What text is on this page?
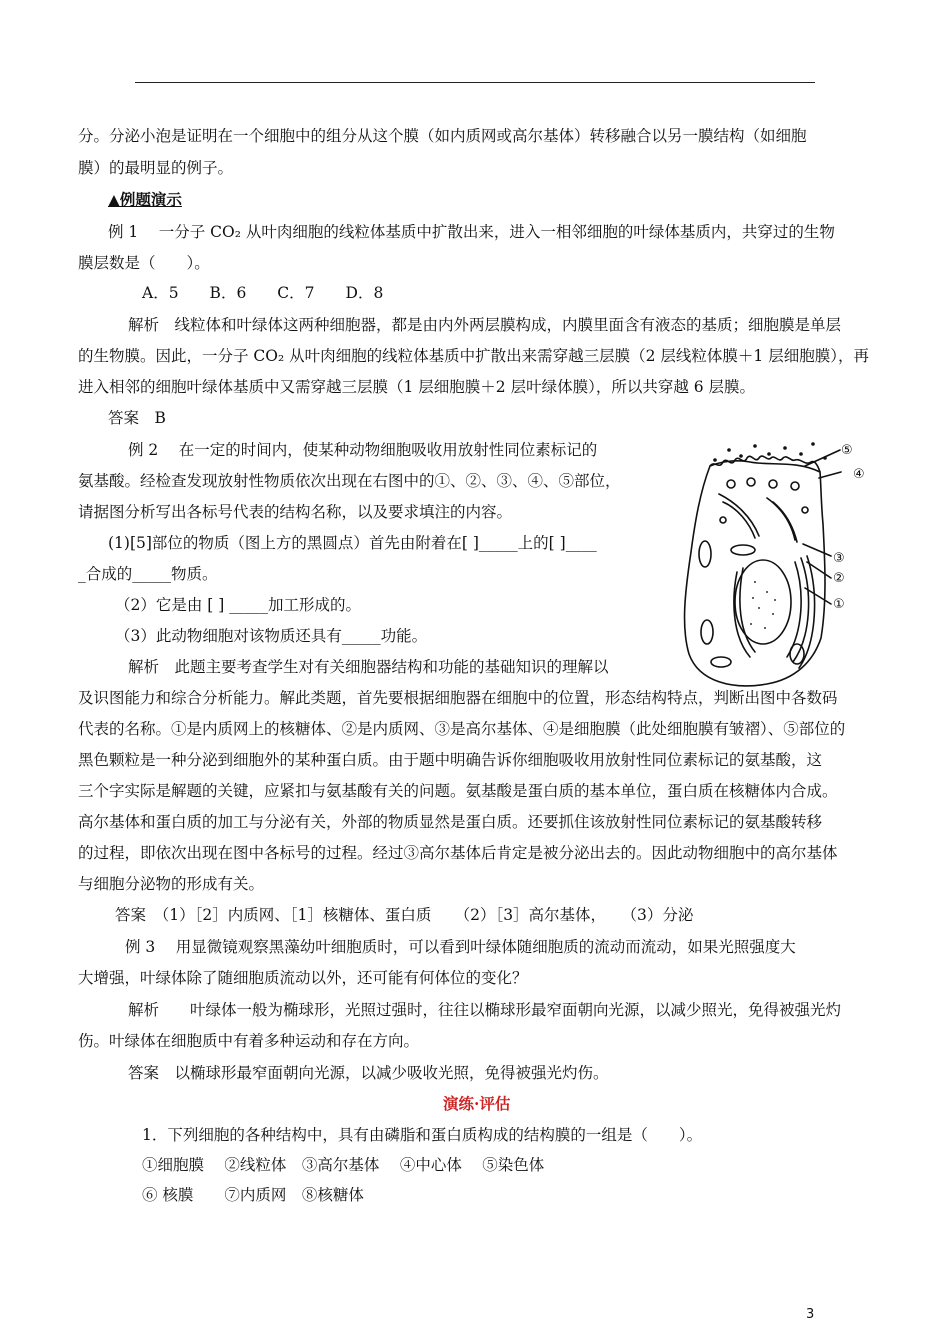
分。分泌小泡是证明在一个细胞中的组分从这个膜（如内质网或高尔基体）转移融合以另一膜结构（如细胞
膜）的最明显的例子。
▲例题演示
例 1　 一分子 CO₂ 从叶肉细胞的线粒体基质中扩散出来，进入一相邻细胞的叶绿体基质内，共穿过的生物
膜层数是（　　）。
A．5　　B．6　　C．7　　D．8
解析　线粒体和叶绿体这两种细胞器，都是由内外两层膜构成，内膜里面含有液态的基质；细胞膜是单层
的生物膜。因此，一分子 CO₂ 从叶肉细胞的线粒体基质中扩散出来需穿越三层膜（2 层线粒体膜＋1 层细胞膜），再
进入相邻的细胞叶绿体基质中又需穿越三层膜（1 层细胞膜＋2 层叶绿体膜），所以共穿越 6 层膜。
答案　B
例 2　 在一定的时间内，使某种动物细胞吸收用放射性同位素标记的
氨基酸。经检查发现放射性物质依次出现在右图中的①、②、③、④、⑤部位，
请据图分析写出各标号代表的结构名称，以及要求填注的内容。
(1)[5]部位的物质（图上方的黑圆点）首先由附着在[ ]_____上的[ ]____
_合成的_____物质。
（2）它是由 [ ] _____加工形成的。
（3）此动物细胞对该物质还具有_____功能。
解析　此题主要考查学生对有关细胞器结构和功能的基础知识的理解以
及识图能力和综合分析能力。解此类题，首先要根据细胞器在细胞中的位置，形态结构特点，判断出图中各数码
代表的名称。①是内质网上的核糖体、②是内质网、③是高尔基体、④是细胞膜（此处细胞膜有皱褶）、⑤部位的
黑色颗粒是一种分泌到细胞外的某种蛋白质。由于题中明确告诉你细胞吸收用放射性同位素标记的氨基酸，这
三个字实际是解题的关键，应紧扣与氨基酸有关的问题。氨基酸是蛋白质的基本单位，蛋白质在核糖体内合成。
高尔基体和蛋白质的加工与分泌有关，外部的物质显然是蛋白质。还要抓住该放射性同位素标记的氨基酸转移
的过程，即依次出现在图中各标号的过程。经过③高尔基体后肯定是被分泌出去的。因此动物细胞中的高尔基体
与细胞分泌物的形成有关。
答案　（1）［2］内质网、［1］核糖体、蛋白质　　（2）［3］高尔基体，　　（3）分泌
例 3　 用显微镜观察黑藻幼叶细胞质时，可以看到叶绿体随细胞质的流动而流动，如果光照强度大
大增强，叶绿体除了随细胞质流动以外，还可能有何体位的变化？
解析　　叶绿体一般为椭球形，光照过强时，往往以椭球形最窄面朝向光源，以减少照光，免得被强光灼
伤。叶绿体在细胞质中有着多种运动和存在方向。
答案　以椭球形最窄面朝向光源，以减少吸收光照，免得被强光灼伤。
演练·评估
1．下列细胞的各种结构中，具有由磷脂和蛋白质构成的结构膜的一组是（　　）。
①细胞膜　 ②线粒体　③高尔基体　 ④中心体　 ⑤染色体
⑥ 核膜　　⑦内质网　⑧核糖体
⑤
④
③
②
①
3
